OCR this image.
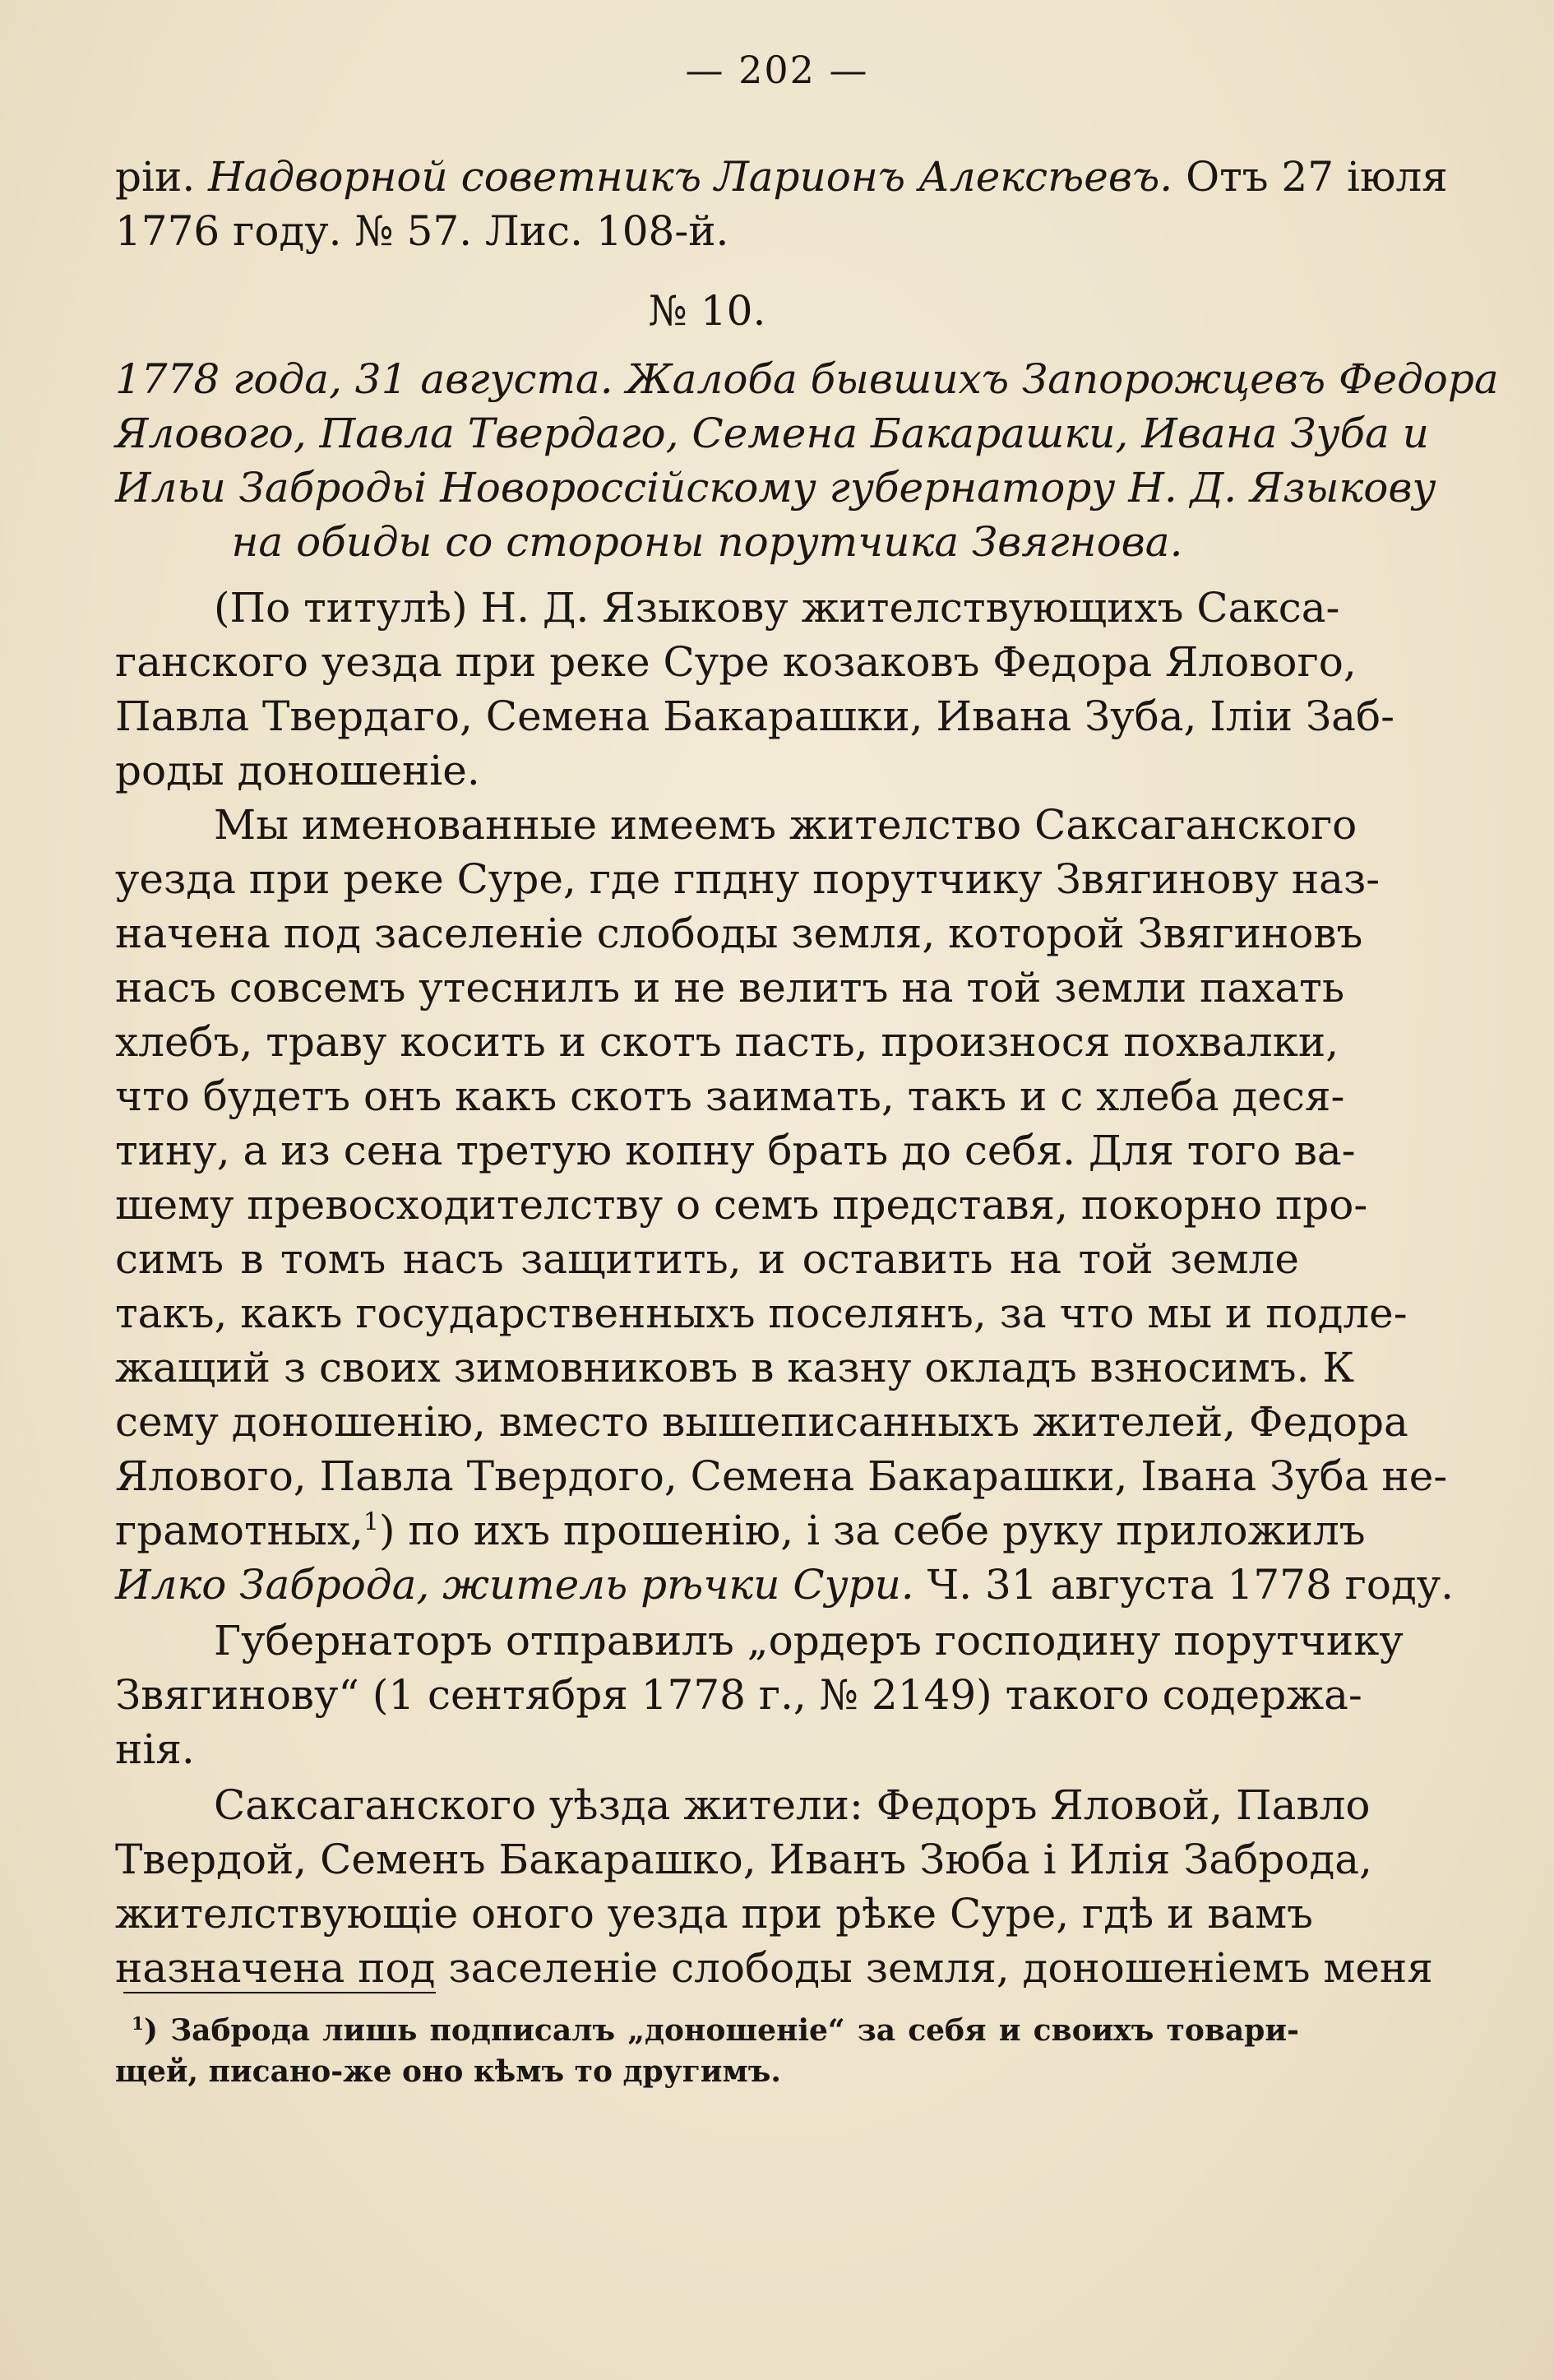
— 202 —
ріи. Надворной советникъ Ларионъ Алексѣевъ. Отъ 27 іюля
1776 году. № 57. Лис. 108-й.
№ 10.
1778 года, 31 августа. Жалоба бывшихъ Запорожцевъ Федора
Ялового, Павла Твердаго, Семена Бакарашки, Ивана Зуба и
Ильи Забродьi Новороссійскому губернатору Н. Д. Языкову
на обиды со стороны порутчика Звягнова.
(По титулѣ) Н. Д. Языкову жителствующихъ Сакса-
ганского уезда при реке Суре козаковъ Федора Ялового,
Павла Твердаго, Семена Бакарашки, Ивана Зуба, Іліи Заб-
роды доношеніе.
Мы именованные имеемъ жителство Саксаганского
уезда при реке Суре, где гпдну порутчику Звягинову наз-
начена под заселеніе слободы земля, которой Звягиновъ
насъ совсемъ утеснилъ и не велитъ на той земли пахать
хлебъ, траву косить и скотъ пасть, произнося похвалки,
что будетъ онъ какъ скотъ заимать, такъ и с хлеба деся-
тину, а из сена третую копну брать до себя. Для того ва-
шему превосходителству о семъ представя, покорно про-
симъ в томъ насъ защитить, и оставить на той земле
такъ, какъ государственныхъ поселянъ, за что мы и подле-
жащий з своих зимовниковъ в казну окладъ взносимъ. К
сему доношенію, вместо вышеписанныхъ жителей, Федора
Ялового, Павла Твердого, Семена Бакарашки, Івана Зуба не-
грамотных,$^1$) по ихъ прошенію, і за себе руку приложилъ
Илко Заброда, житель рѣчки Сури. Ч. 31 августа 1778 году.
Губернаторъ отправилъ „ордеръ господину порутчику
Звягинову“ (1 сентября 1778 г., № 2149) такого содержа-
нія.
Саксаганского уѣзда жители: Федоръ Яловой, Павло
Твердой, Семенъ Бакарашко, Иванъ Зюба і Илія Заброда,
жителствующіе оного уезда при рѣке Суре, гдѣ и вамъ
назначена под заселеніе слободы земля, доношеніемъ меня
$^1$) Заброда лишь подписалъ „доношеніе“ за себя и своихъ товари-
щей, писано-же оно кѣмъ то другимъ.
